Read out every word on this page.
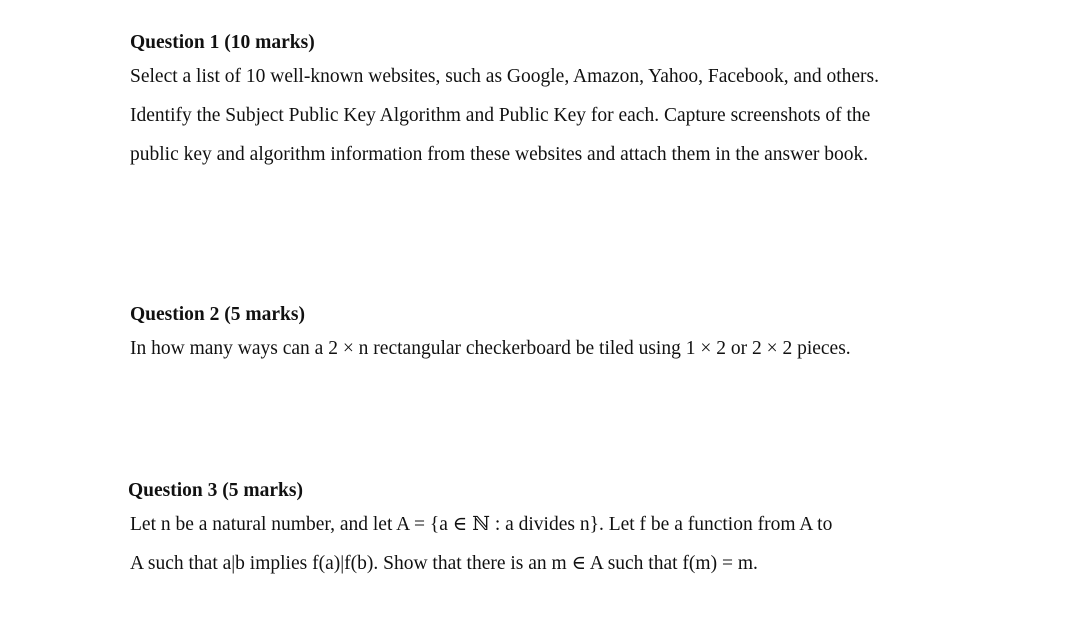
Question 1 (10 marks)
Select a list of 10 well-known websites, such as Google, Amazon, Yahoo, Facebook, and others.
Identify the Subject Public Key Algorithm and Public Key for each. Capture screenshots of the
public key and algorithm information from these websites and attach them in the answer book.
Question 2 (5 marks)
In how many ways can a 2 × n rectangular checkerboard be tiled using 1 × 2 or 2 × 2 pieces.
Question 3 (5 marks)
Let n be a natural number, and let A = {a ∈ ℕ : a divides n}. Let f be a function from A to
A such that a|b implies f(a)|f(b). Show that there is an m ∈ A such that f(m) = m.
